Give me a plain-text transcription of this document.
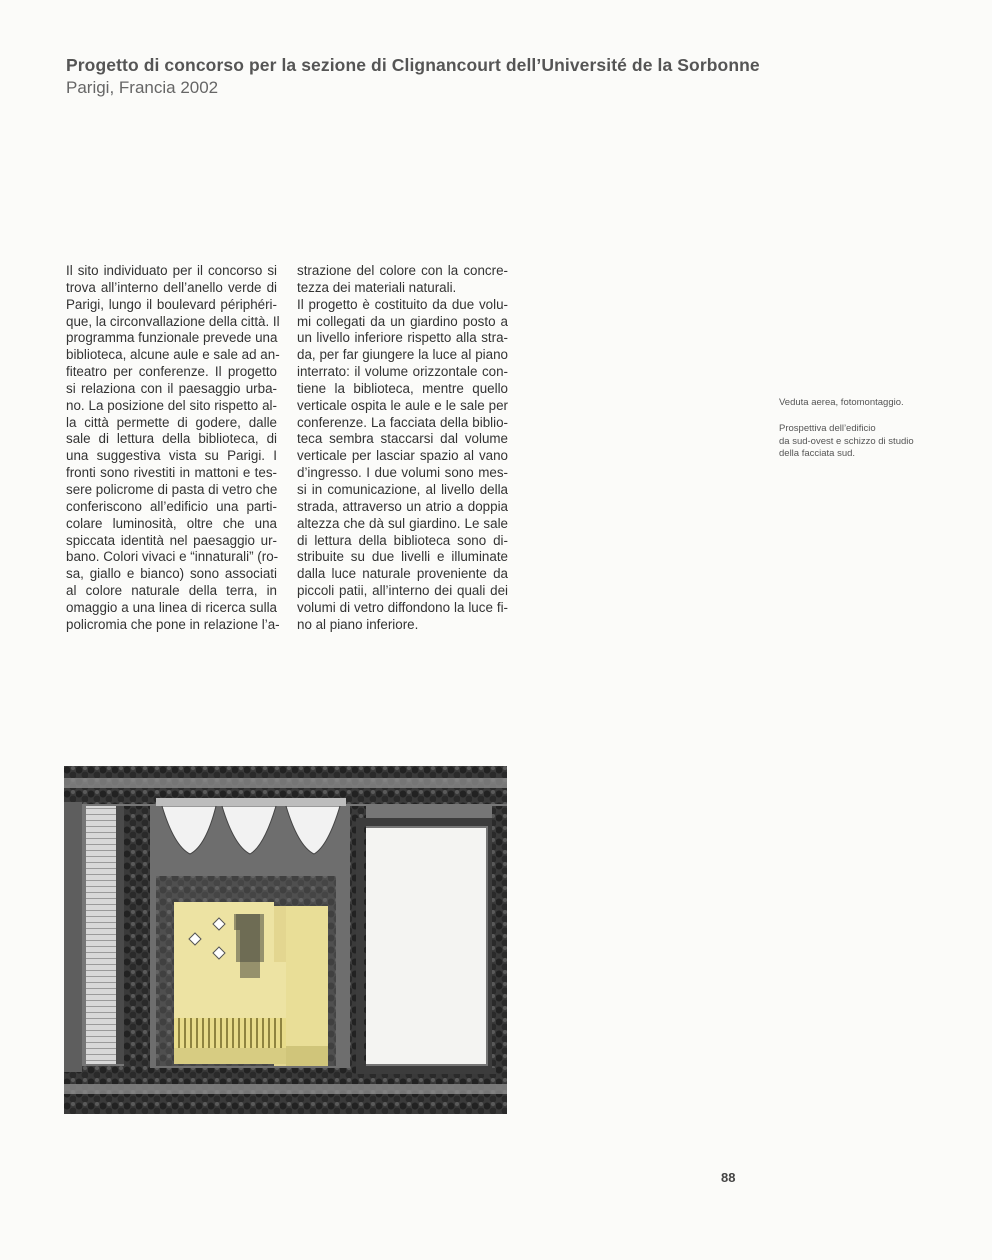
Progetto di concorso per la sezione di Clignancourt dell’Université de la Sorbonne
Parigi, Francia 2002
Il sito individuato per il concorso si
trova all’interno dell’anello verde di
Parigi, lungo il boulevard périphéri-
que, la circonvallazione della città. Il
programma funzionale prevede una
biblioteca, alcune aule e sale ad an-
fiteatro per conferenze. Il progetto
si relaziona con il paesaggio urba-
no. La posizione del sito rispetto al-
la città permette di godere, dalle
sale di lettura della biblioteca, di
una suggestiva vista su Parigi. I
fronti sono rivestiti in mattoni e tes-
sere policrome di pasta di vetro che
conferiscono all’edificio una parti-
colare luminosità, oltre che una
spiccata identità nel paesaggio ur-
bano. Colori vivaci e “innaturali” (ro-
sa, giallo e bianco) sono associati
al colore naturale della terra, in
omaggio a una linea di ricerca sulla
policromia che pone in relazione l’a-
strazione del colore con la concre-
tezza dei materiali naturali.
Il progetto è costituito da due volu-
mi collegati da un giardino posto a
un livello inferiore rispetto alla stra-
da, per far giungere la luce al piano
interrato: il volume orizzontale con-
tiene la biblioteca, mentre quello
verticale ospita le aule e le sale per
conferenze. La facciata della biblio-
teca sembra staccarsi dal volume
verticale per lasciar spazio al vano
d’ingresso. I due volumi sono mes-
si in comunicazione, al livello della
strada, attraverso un atrio a doppia
altezza che dà sul giardino. Le sale
di lettura della biblioteca sono di-
stribuite su due livelli e illuminate
dalla luce naturale proveniente da
piccoli patii, all’interno dei quali dei
volumi di vetro diffondono la luce fi-
no al piano inferiore.
Veduta aerea, fotomontaggio.
Prospettiva dell’edificio
da sud-ovest e schizzo di studio
della facciata sud.
88
